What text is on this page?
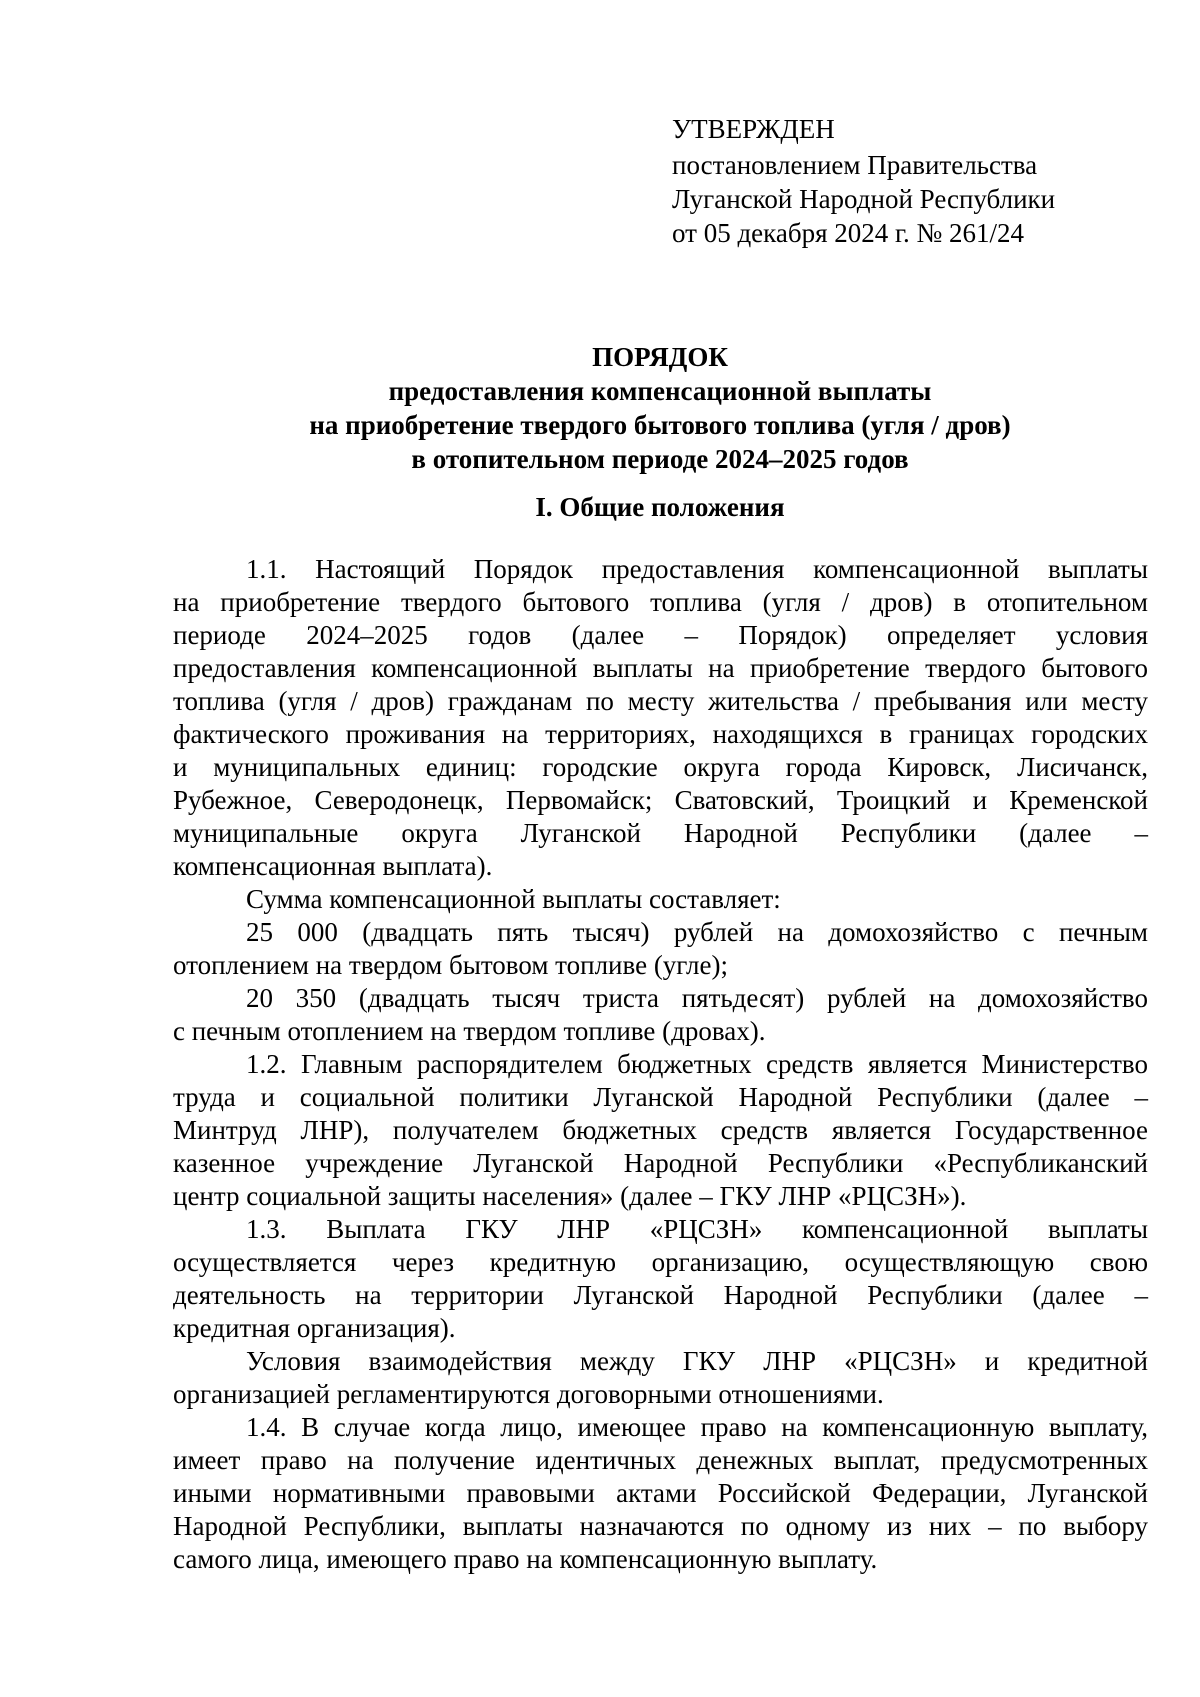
УТВЕРЖДЕН
постановлением Правительства
Луганской Народной Республики
от 05 декабря 2024 г. № 261/24
ПОРЯДОК
предоставления компенсационной выплаты
на приобретение твердого бытового топлива (угля / дров)
в отопительном периоде 2024–2025 годов
I. Общие положения
1.1. Настоящий Порядок предоставления компенсационной выплаты
на приобретение твердого бытового топлива (угля / дров) в отопительном
периоде 2024–2025 годов (далее – Порядок) определяет условия
предоставления компенсационной выплаты на приобретение твердого бытового
топлива (угля / дров) гражданам по месту жительства / пребывания или месту
фактического проживания на территориях, находящихся в границах городских
и муниципальных единиц: городские округа города Кировск, Лисичанск,
Рубежное, Северодонецк, Первомайск; Сватовский, Троицкий и Кременской
муниципальные округа Луганской Народной Республики (далее –
компенсационная выплата).
Сумма компенсационной выплаты составляет:
25 000 (двадцать пять тысяч) рублей на домохозяйство с печным
отоплением на твердом бытовом топливе (угле);
20 350 (двадцать тысяч триста пятьдесят) рублей на домохозяйство
с печным отоплением на твердом топливе (дровах).
1.2. Главным распорядителем бюджетных средств является Министерство
труда и социальной политики Луганской Народной Республики (далее –
Минтруд ЛНР), получателем бюджетных средств является Государственное
казенное учреждение Луганской Народной Республики «Республиканский
центр социальной защиты населения» (далее – ГКУ ЛНР «РЦСЗН»).
1.3. Выплата ГКУ ЛНР «РЦСЗН» компенсационной выплаты
осуществляется через кредитную организацию, осуществляющую свою
деятельность на территории Луганской Народной Республики (далее –
кредитная организация).
Условия взаимодействия между ГКУ ЛНР «РЦСЗН» и кредитной
организацией регламентируются договорными отношениями.
1.4. В случае когда лицо, имеющее право на компенсационную выплату,
имеет право на получение идентичных денежных выплат, предусмотренных
иными нормативными правовыми актами Российской Федерации, Луганской
Народной Республики, выплаты назначаются по одному из них – по выбору
самого лица, имеющего право на компенсационную выплату.
